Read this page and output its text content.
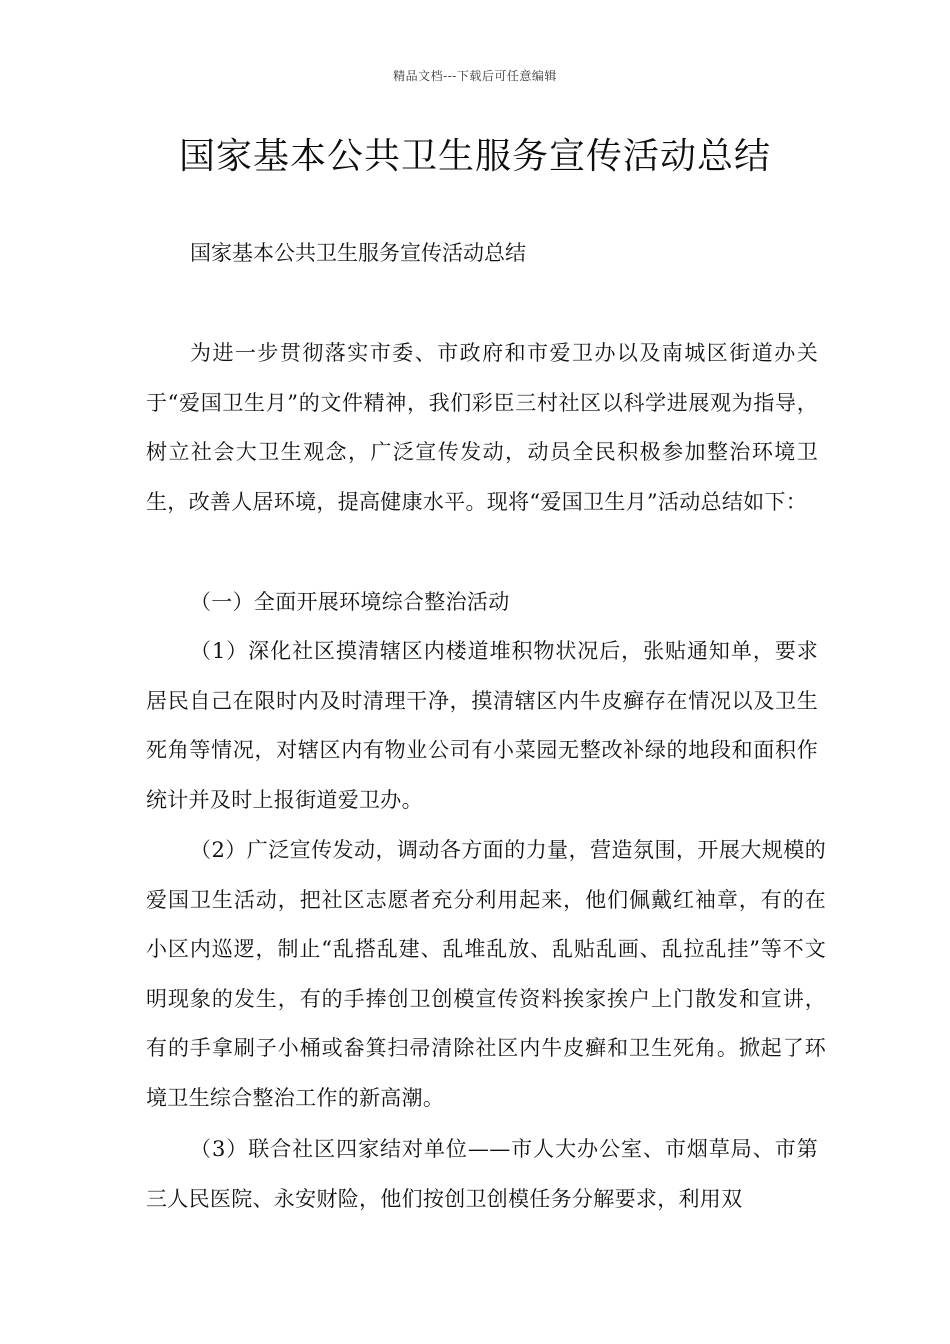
精品文档---下载后可任意编辑
国家基本公共卫生服务宣传活动总结
国家基本公共卫生服务宣传活动总结

为进一步贯彻落实市委、市政府和市爱卫办以及南城区街道办关于“爱国卫生月”的文件精神，我们彩臣三村社区以科学进展观为指导，树立社会大卫生观念，广泛宣传发动，动员全民积极参加整治环境卫生，改善人居环境，提高健康水平。现将“爱国卫生月”活动总结如下：

（一）全面开展环境综合整治活动

（1）深化社区摸清辖区内楼道堆积物状况后，张贴通知单，要求居民自己在限时内及时清理干净，摸清辖区内牛皮癣存在情况以及卫生死角等情况，对辖区内有物业公司有小菜园无整改补绿的地段和面积作统计并及时上报街道爱卫办。

（2）广泛宣传发动，调动各方面的力量，营造氛围，开展大规模的爱国卫生活动，把社区志愿者充分利用起来，他们佩戴红袖章，有的在小区内巡逻，制止“乱搭乱建、乱堆乱放、乱贴乱画、乱拉乱挂”等不文明现象的发生，有的手捧创卫创模宣传资料挨家挨户上门散发和宣讲，有的手拿刷子小桶或畚箕扫帚清除社区内牛皮癣和卫生死角。掀起了环境卫生综合整治工作的新高潮。

（3）联合社区四家结对单位——市人大办公室、市烟草局、市第三人民医院、永安财险，他们按创卫创模任务分解要求，利用双
